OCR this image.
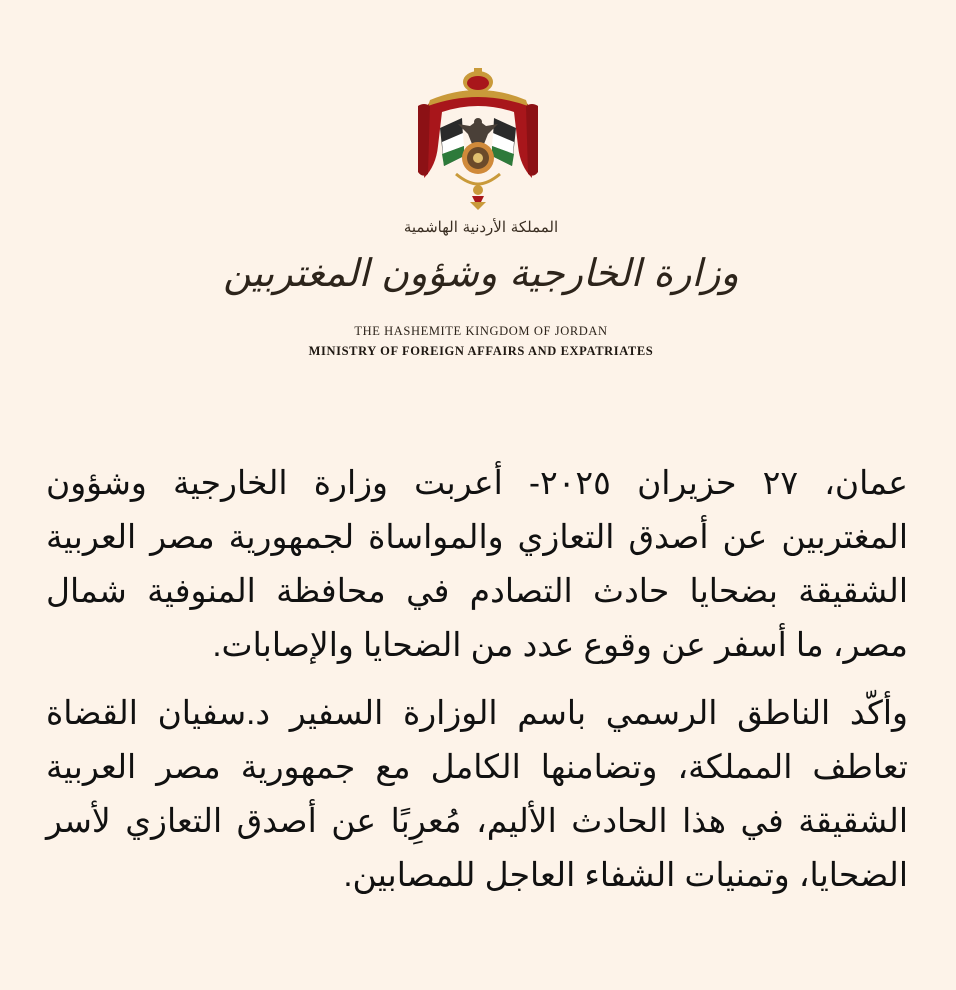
المملكة الأردنية الهاشمية
وزارة الخارجية وشؤون المغتربين
THE HASHEMITE KINGDOM OF JORDAN
MINISTRY OF FOREIGN AFFAIRS AND EXPATRIATES

عمان، ٢٧ حزيران ٢٠٢٥- أعربت وزارة الخارجية وشؤون المغتربين عن أصدق التعازي والمواساة لجمهورية مصر العربية الشقيقة بضحايا حادث التصادم في محافظة المنوفية شمال مصر، ما أسفر عن وقوع عدد من الضحايا والإصابات.

وأكّد الناطق الرسمي باسم الوزارة السفير د.سفيان القضاة تعاطف المملكة، وتضامنها الكامل مع جمهورية مصر العربية الشقيقة في هذا الحادث الأليم، مُعرِبًا عن أصدق التعازي لأسر الضحايا، وتمنيات الشفاء العاجل للمصابين.
